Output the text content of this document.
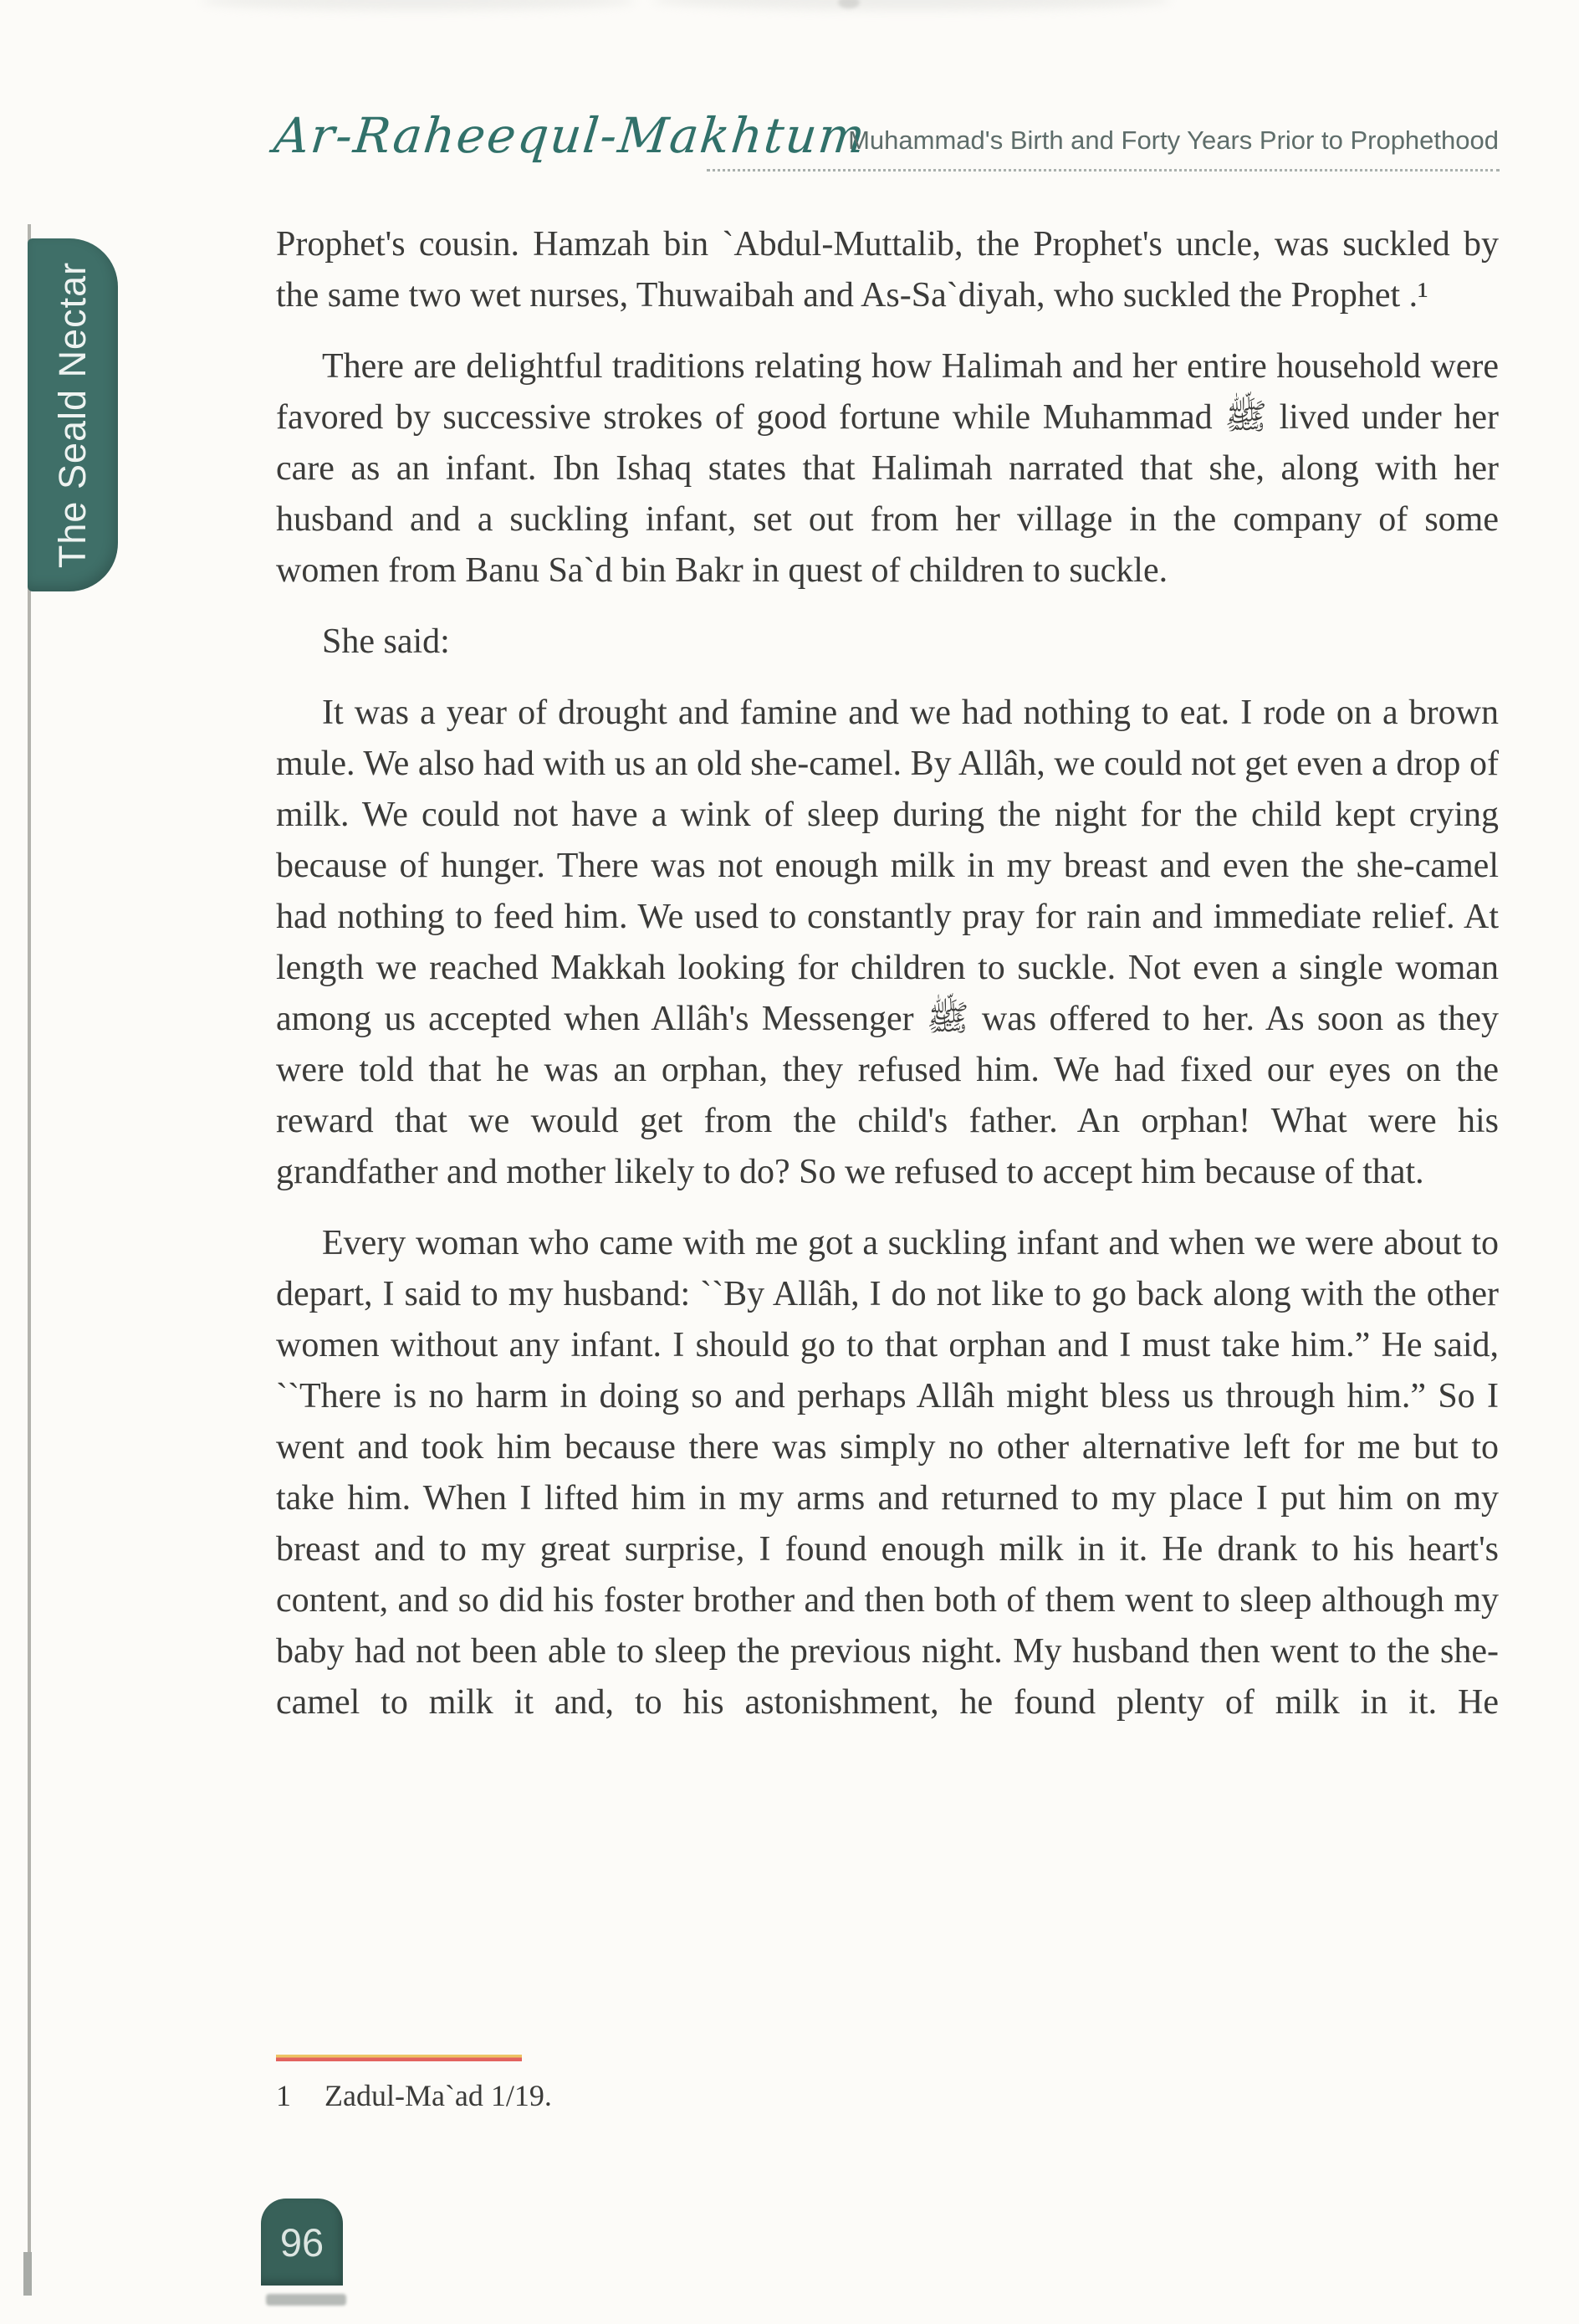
Ar-Raheequl-Makhtum
Muhammad's Birth and Forty Years Prior to Prophethood
The Seald Nectar

Prophet's cousin. Hamzah bin `Abdul-Muttalib, the Prophet's uncle, was suckled by the same two wet nurses, Thuwaibah and As-Sa`diyah, who suckled the Prophet .¹

There are delightful traditions relating how Halimah and her entire household were favored by successive strokes of good fortune while Muhammad ﷺ lived under her care as an infant. Ibn Ishaq states that Halimah narrated that she, along with her husband and a suckling infant, set out from her village in the company of some women from Banu Sa`d bin Bakr in quest of children to suckle.

She said:

It was a year of drought and famine and we had nothing to eat. I rode on a brown mule. We also had with us an old she-camel. By Allâh, we could not get even a drop of milk. We could not have a wink of sleep during the night for the child kept crying because of hunger. There was not enough milk in my breast and even the she-camel had nothing to feed him. We used to constantly pray for rain and immediate relief. At length we reached Makkah looking for children to suckle. Not even a single woman among us accepted when Allâh's Messenger ﷺ was offered to her. As soon as they were told that he was an orphan, they refused him. We had fixed our eyes on the reward that we would get from the child's father. An orphan! What were his grandfather and mother likely to do? So we refused to accept him because of that.

Every woman who came with me got a suckling infant and when we were about to depart, I said to my husband: ``By Allâh, I do not like to go back along with the other women without any infant. I should go to that orphan and I must take him.” He said, ``There is no harm in doing so and perhaps Allâh might bless us through him.” So I went and took him because there was simply no other alternative left for me but to take him. When I lifted him in my arms and returned to my place I put him on my breast and to my great surprise, I found enough milk in it. He drank to his heart's content, and so did his foster brother and then both of them went to sleep although my baby had not been able to sleep the previous night. My husband then went to the she-camel to milk it and, to his astonishment, he found plenty of milk in it. He

1 Zadul-Ma`ad 1/19.
96
